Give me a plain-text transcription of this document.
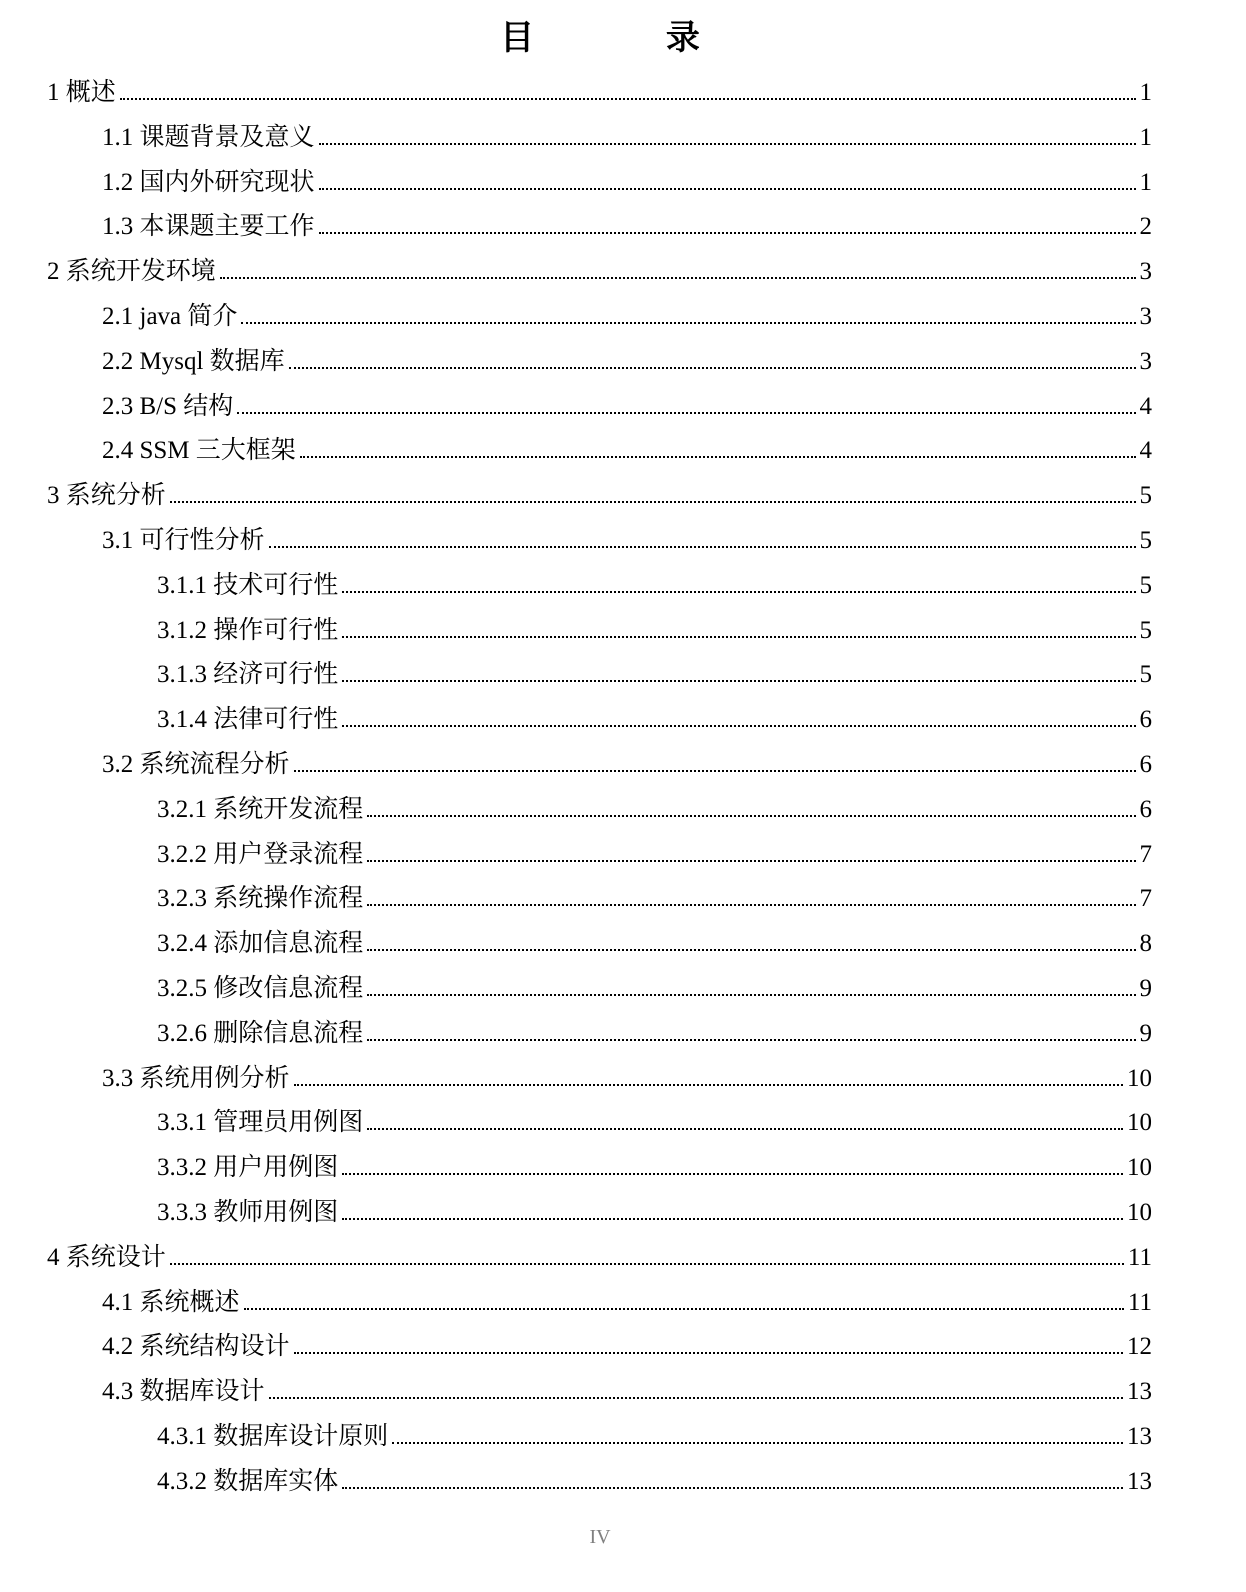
目 录
1 概述	1
1.1 课题背景及意义	1
1.2 国内外研究现状	1
1.3 本课题主要工作	2
2 系统开发环境	3
2.1 java 简介	3
2.2 Mysql 数据库	3
2.3 B/S 结构	4
2.4 SSM 三大框架	4
3 系统分析	5
3.1 可行性分析	5
3.1.1 技术可行性	5
3.1.2 操作可行性	5
3.1.3 经济可行性	5
3.1.4 法律可行性	6
3.2 系统流程分析	6
3.2.1 系统开发流程	6
3.2.2 用户登录流程	7
3.2.3 系统操作流程	7
3.2.4 添加信息流程	8
3.2.5 修改信息流程	9
3.2.6 删除信息流程	9
3.3 系统用例分析	10
3.3.1 管理员用例图	10
3.3.2 用户用例图	10
3.3.3 教师用例图	10
4 系统设计	11
4.1 系统概述	11
4.2 系统结构设计	12
4.3 数据库设计	13
4.3.1 数据库设计原则	13
4.3.2 数据库实体	13
IV
